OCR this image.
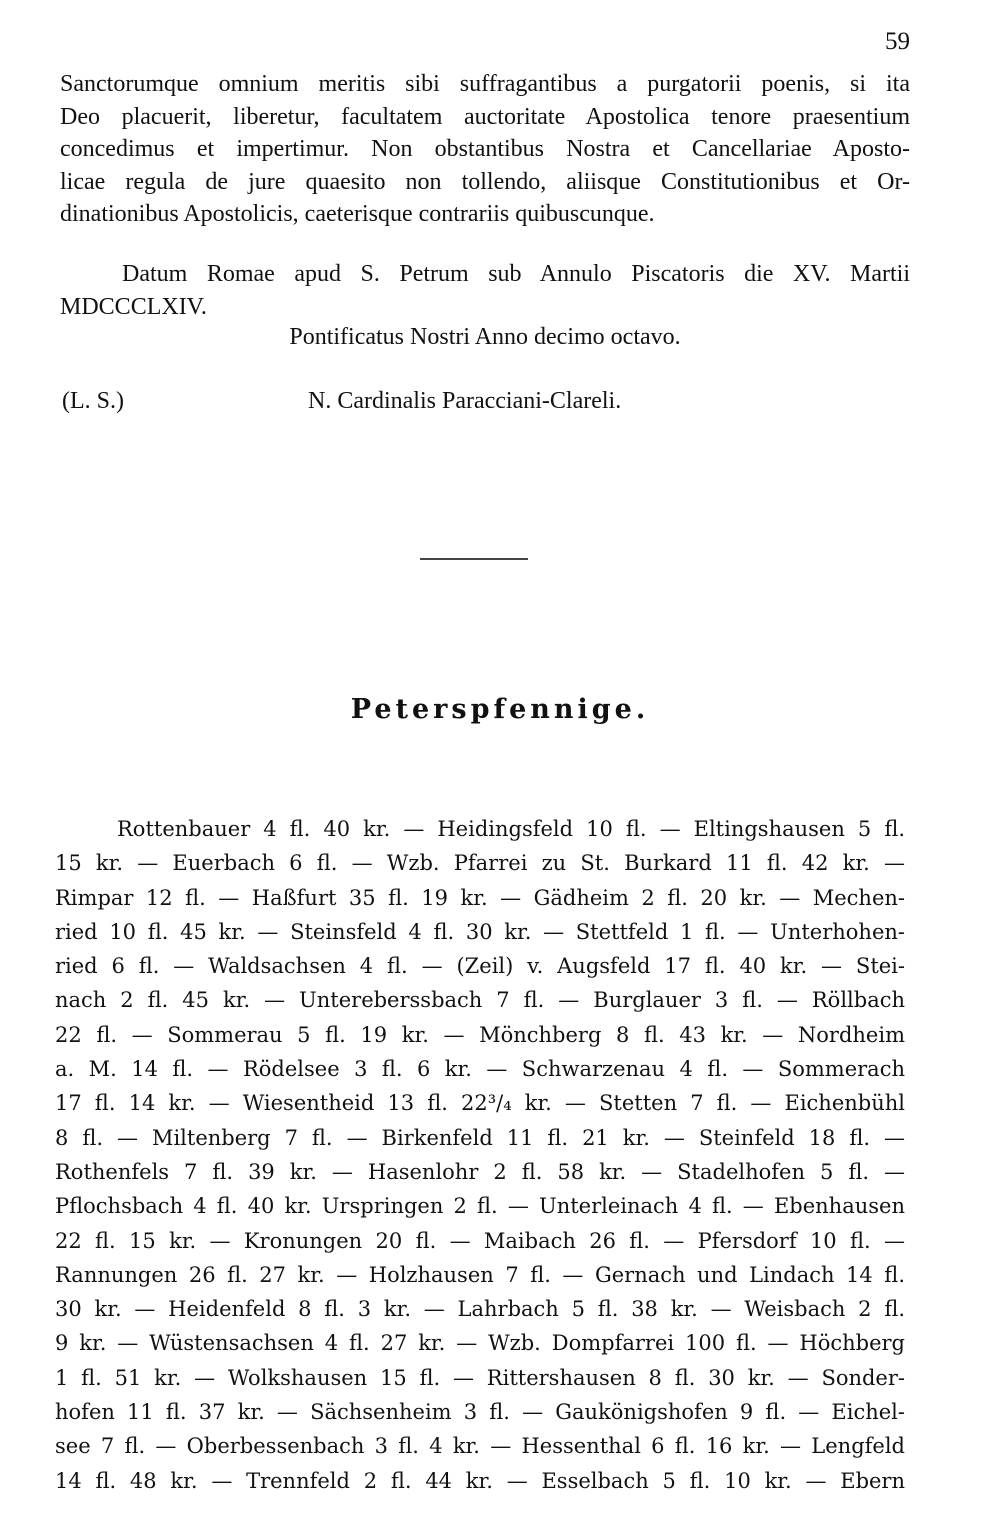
59
Sanctorumque omnium meritis sibi suffragantibus a purgatorii poenis, si ita
Deo placuerit, liberetur, facultatem auctoritate Apostolica tenore praesentium
concedimus et impertimur. Non obstantibus Nostra et Cancellariae Aposto-
licae regula de jure quaesito non tollendo, aliisque Constitutionibus et Or-
dinationibus Apostolicis, caeterisque contrariis quibuscunque.
Datum Romae apud S. Petrum sub Annulo Piscatoris die XV. Martii
MDCCCLXIV.
Pontificatus Nostri Anno decimo octavo.
(L. S.)	N. Cardinalis Paracciani-Clareli.
Peterspfennige.
Rottenbauer 4 fl. 40 kr. — Heidingsfeld 10 fl. — Eltingshausen 5 fl.
15 kr. — Euerbach 6 fl. — Wzb. Pfarrei zu St. Burkard 11 fl. 42 kr. —
Rimpar 12 fl. — Haßfurt 35 fl. 19 kr. — Gädheim 2 fl. 20 kr. — Mechen-
ried 10 fl. 45 kr. — Steinsfeld 4 fl. 30 kr. — Stettfeld 1 fl. — Unterhohen-
ried 6 fl. — Waldsachsen 4 fl. — (Zeil) v. Augsfeld 17 fl. 40 kr. — Stei-
nach 2 fl. 45 kr. — Untereberssbach 7 fl. — Burglauer 3 fl. — Röllbach
22 fl. — Sommerau 5 fl. 19 kr. — Mönchberg 8 fl. 43 kr. — Nordheim
a. M. 14 fl. — Rödelsee 3 fl. 6 kr. — Schwarzenau 4 fl. — Sommerach
17 fl. 14 kr. — Wiesentheid 13 fl. 22³/₄ kr. — Stetten 7 fl. — Eichenbühl
8 fl. — Miltenberg 7 fl. — Birkenfeld 11 fl. 21 kr. — Steinfeld 18 fl. —
Rothenfels 7 fl. 39 kr. — Hasenlohr 2 fl. 58 kr. — Stadelhofen 5 fl. —
Pflochsbach 4 fl. 40 kr. Urspringen 2 fl. — Unterleinach 4 fl. — Ebenhausen
22 fl. 15 kr. — Kronungen 20 fl. — Maibach 26 fl. — Pfersdorf 10 fl. —
Rannungen 26 fl. 27 kr. — Holzhausen 7 fl. — Gernach und Lindach 14 fl.
30 kr. — Heidenfeld 8 fl. 3 kr. — Lahrbach 5 fl. 38 kr. — Weisbach 2 fl.
9 kr. — Wüstensachsen 4 fl. 27 kr. — Wzb. Dompfarrei 100 fl. — Höchberg
1 fl. 51 kr. — Wolkshausen 15 fl. — Rittershausen 8 fl. 30 kr. — Sonder-
hofen 11 fl. 37 kr. — Sächsenheim 3 fl. — Gaukönigshofen 9 fl. — Eichel-
see 7 fl. — Oberbessenbach 3 fl. 4 kr. — Hessenthal 6 fl. 16 kr. — Lengfeld
14 fl. 48 kr. — Trennfeld 2 fl. 44 kr. — Esselbach 5 fl. 10 kr. — Ebern
